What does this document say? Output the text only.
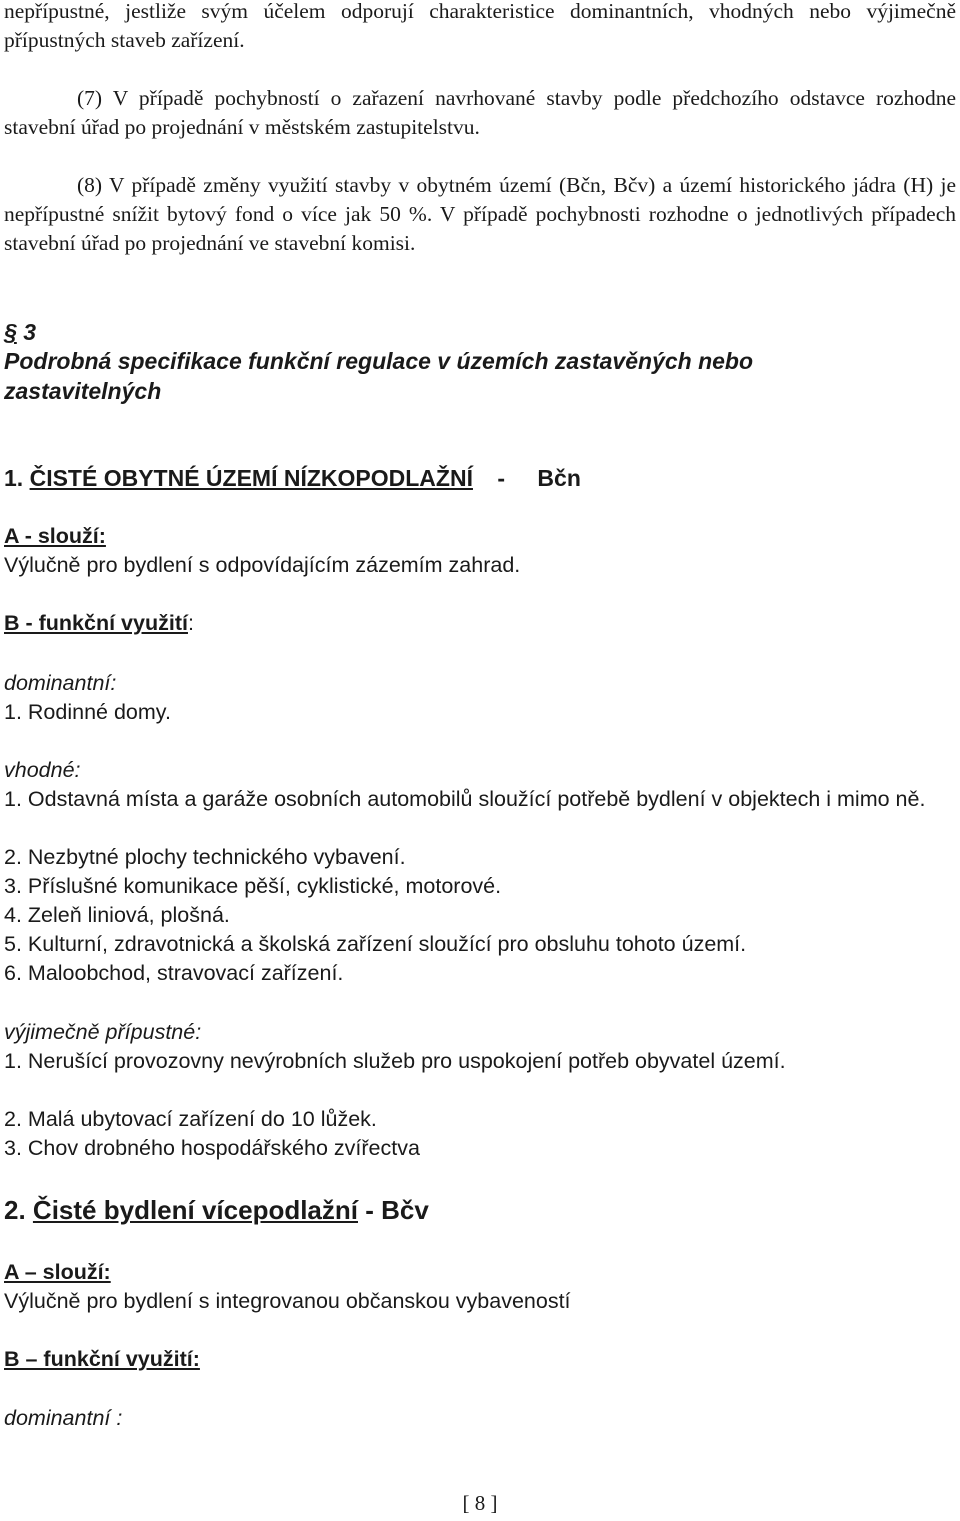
nepřípustné, jestliže svým účelem odporují charakteristice dominantních, vhodných nebo výjimečně přípustných staveb zařízení.

(7) V případě pochybností o zařazení navrhované stavby podle předchozího odstavce rozhodne stavební úřad po projednání v městském zastupitelstvu.

(8) V případě změny využití stavby v obytném území (Bčn, Bčv) a území historického jádra (H) je nepřípustné snížit bytový fond o více jak 50 %. V případě pochybnosti rozhodne o jednotlivých případech stavební úřad po projednání ve stavební komisi.

§ 3
Podrobná specifikace funkční regulace v územích zastavěných nebo zastavitelných
1. ČISTÉ OBYTNÉ ÚZEMÍ NÍZKOPODLAŽNÍ - Bčn
A - slouží:
Výlučně pro bydlení s odpovídajícím zázemím zahrad.
B - funkční využití:
dominantní:
1. Rodinné domy.
vhodné:
1. Odstavná místa a garáže osobních automobilů sloužící potřebě bydlení v objektech i mimo ně.
2. Nezbytné plochy technického vybavení.
3. Příslušné komunikace pěší, cyklistické, motorové.
4. Zeleň liniová, plošná.
5. Kulturní, zdravotnická a školská zařízení sloužící pro obsluhu tohoto území.
6. Maloobchod, stravovací zařízení.
výjimečně přípustné:
1. Nerušící provozovny nevýrobních služeb pro uspokojení potřeb obyvatel území.
2. Malá ubytovací zařízení do 10 lůžek.
3. Chov drobného hospodářského zvířectva
2. Čisté bydlení vícepodlažní - Bčv
A – slouží:
Výlučně pro bydlení s integrovanou občanskou vybaveností
B – funkční využití:
dominantní :
[ 8 ]
